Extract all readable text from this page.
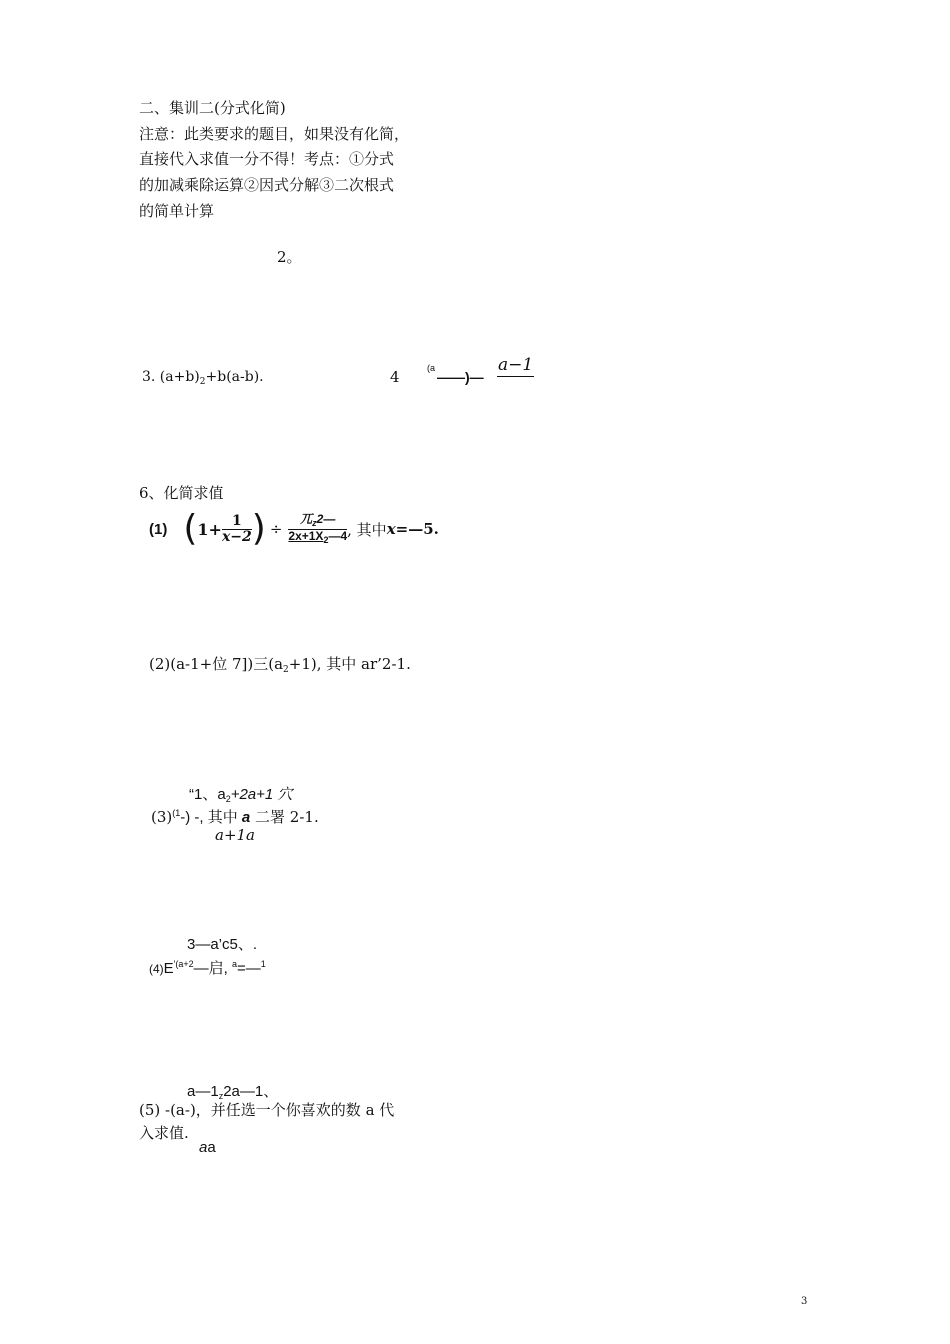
二、集训二(分式化简)
注意：此类要求的题目，如果没有化简，
直接代入求值一分不得！考点：①分式
的加减乘除运算②因式分解③二次根式
的简单计算
2。
3. $(a+b)_2+b(a-b)$.	4	(a
——)—
a−1
6、化简求值
(1) ( $1+ \frac{1}{x-2}$ ) ÷ $\frac{兀_z2—}{2x+1X_2—4}$ , 其中 x =—5.
(2)(a-1+位 7])三$(a_2+1)$, 其中 ar’2-1.
“1、$a_2+2a+1$ 穴
$(3)^{(1}-$) -, 其中 a 二署 2-1.
a+1a
3—a’c5、.
$(4)E^{'(a+2}—$启, $^a$=—$^1$
$a—1_z2a—1$、
(5) -(a-)，并任选一个你喜欢的数 a 代
入求值.
aa
3
